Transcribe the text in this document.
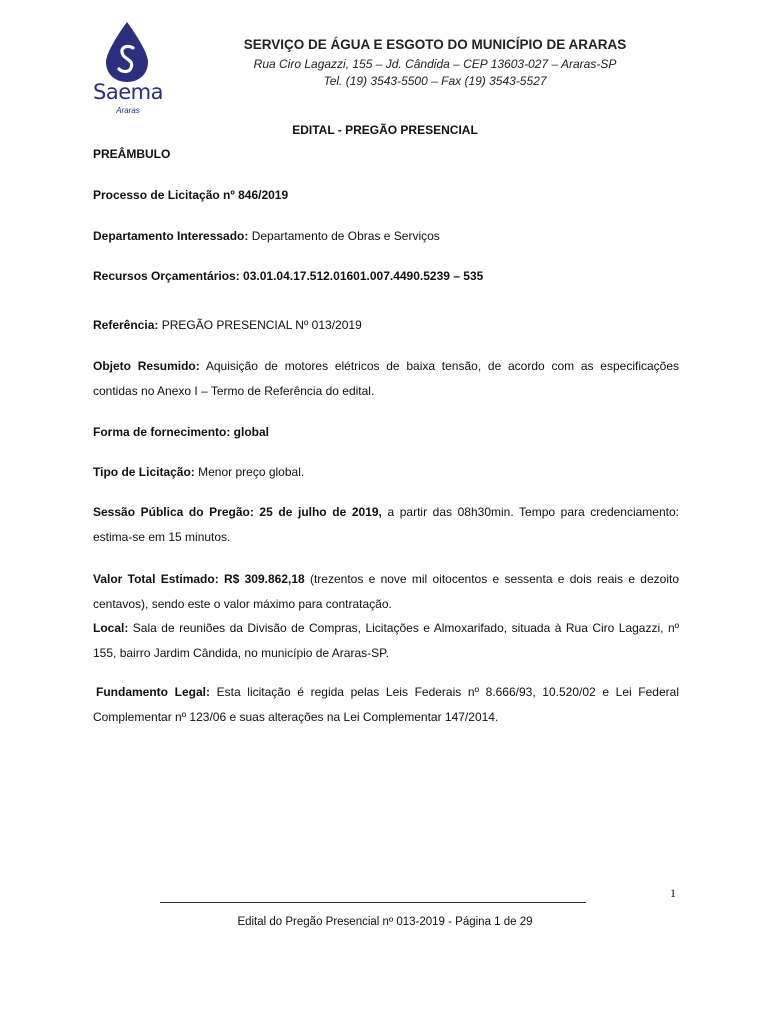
Saema
Araras
SERVIÇO DE ÁGUA E ESGOTO DO MUNICÍPIO DE ARARAS
Rua Ciro Lagazzi, 155 – Jd. Cândida – CEP 13603-027 – Araras-SP
Tel. (19) 3543-5500 – Fax (19) 3543-5527
EDITAL - PREGÃO PRESENCIAL
PREÂMBULO
Processo de Licitação nº 846/2019
Departamento Interessado: Departamento de Obras e Serviços
Recursos Orçamentários: 03.01.04.17.512.01601.007.4490.5239 – 535
Referência: PREGÃO PRESENCIAL Nº 013/2019
Objeto Resumido: Aquisição de motores elétricos de baixa tensão, de acordo com as especificações contidas no Anexo I – Termo de Referência do edital.
Forma de fornecimento: global
Tipo de Licitação: Menor preço global.
Sessão Pública do Pregão: 25 de julho de 2019, a partir das 08h30min. Tempo para credenciamento: estima-se em 15 minutos.
Valor Total Estimado: R$ 309.862,18 (trezentos e nove mil oitocentos e sessenta e dois reais e dezoito centavos), sendo este o valor máximo para contratação.
Local: Sala de reuniões da Divisão de Compras, Licitações e Almoxarifado, situada à Rua Ciro Lagazzi, nº 155, bairro Jardim Cândida, no município de Araras-SP.
Fundamento Legal: Esta licitação é regida pelas Leis Federais nº 8.666/93, 10.520/02 e Lei Federal Complementar nº 123/06 e suas alterações na Lei Complementar 147/2014.
1
Edital do Pregão Presencial nº 013-2019 - Página 1 de 29
